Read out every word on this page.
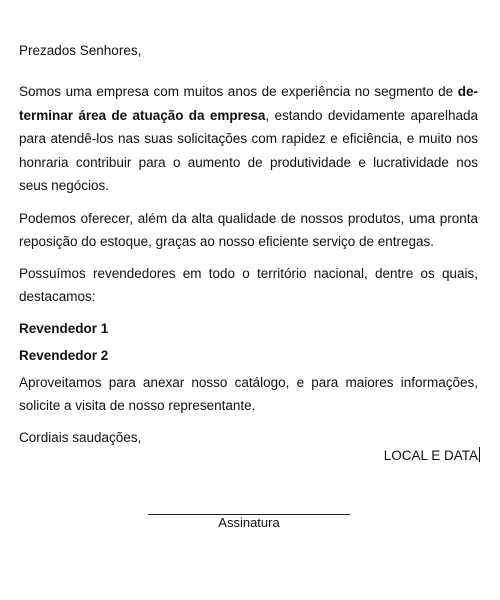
Prezados Senhores,

Somos uma empresa com muitos anos de experiência no segmento de de-terminar área de atuação da empresa, estando devidamente aparelhada para atendê-los nas suas solicitações com rapidez e eficiência, e muito nos honraria contribuir para o aumento de produtividade e lucratividade nos seus negócios.

Podemos oferecer, além da alta qualidade de nossos produtos, uma pronta reposição do estoque, graças ao nosso eficiente serviço de entregas.

Possuímos revendedores em todo o território nacional, dentre os quais, destacamos:

Revendedor 1

Revendedor 2

Aproveitamos para anexar nosso catálogo, e para maiores informações, solicite a visita de nosso representante.

Cordiais saudações,

LOCAL E DATA
Assinatura
